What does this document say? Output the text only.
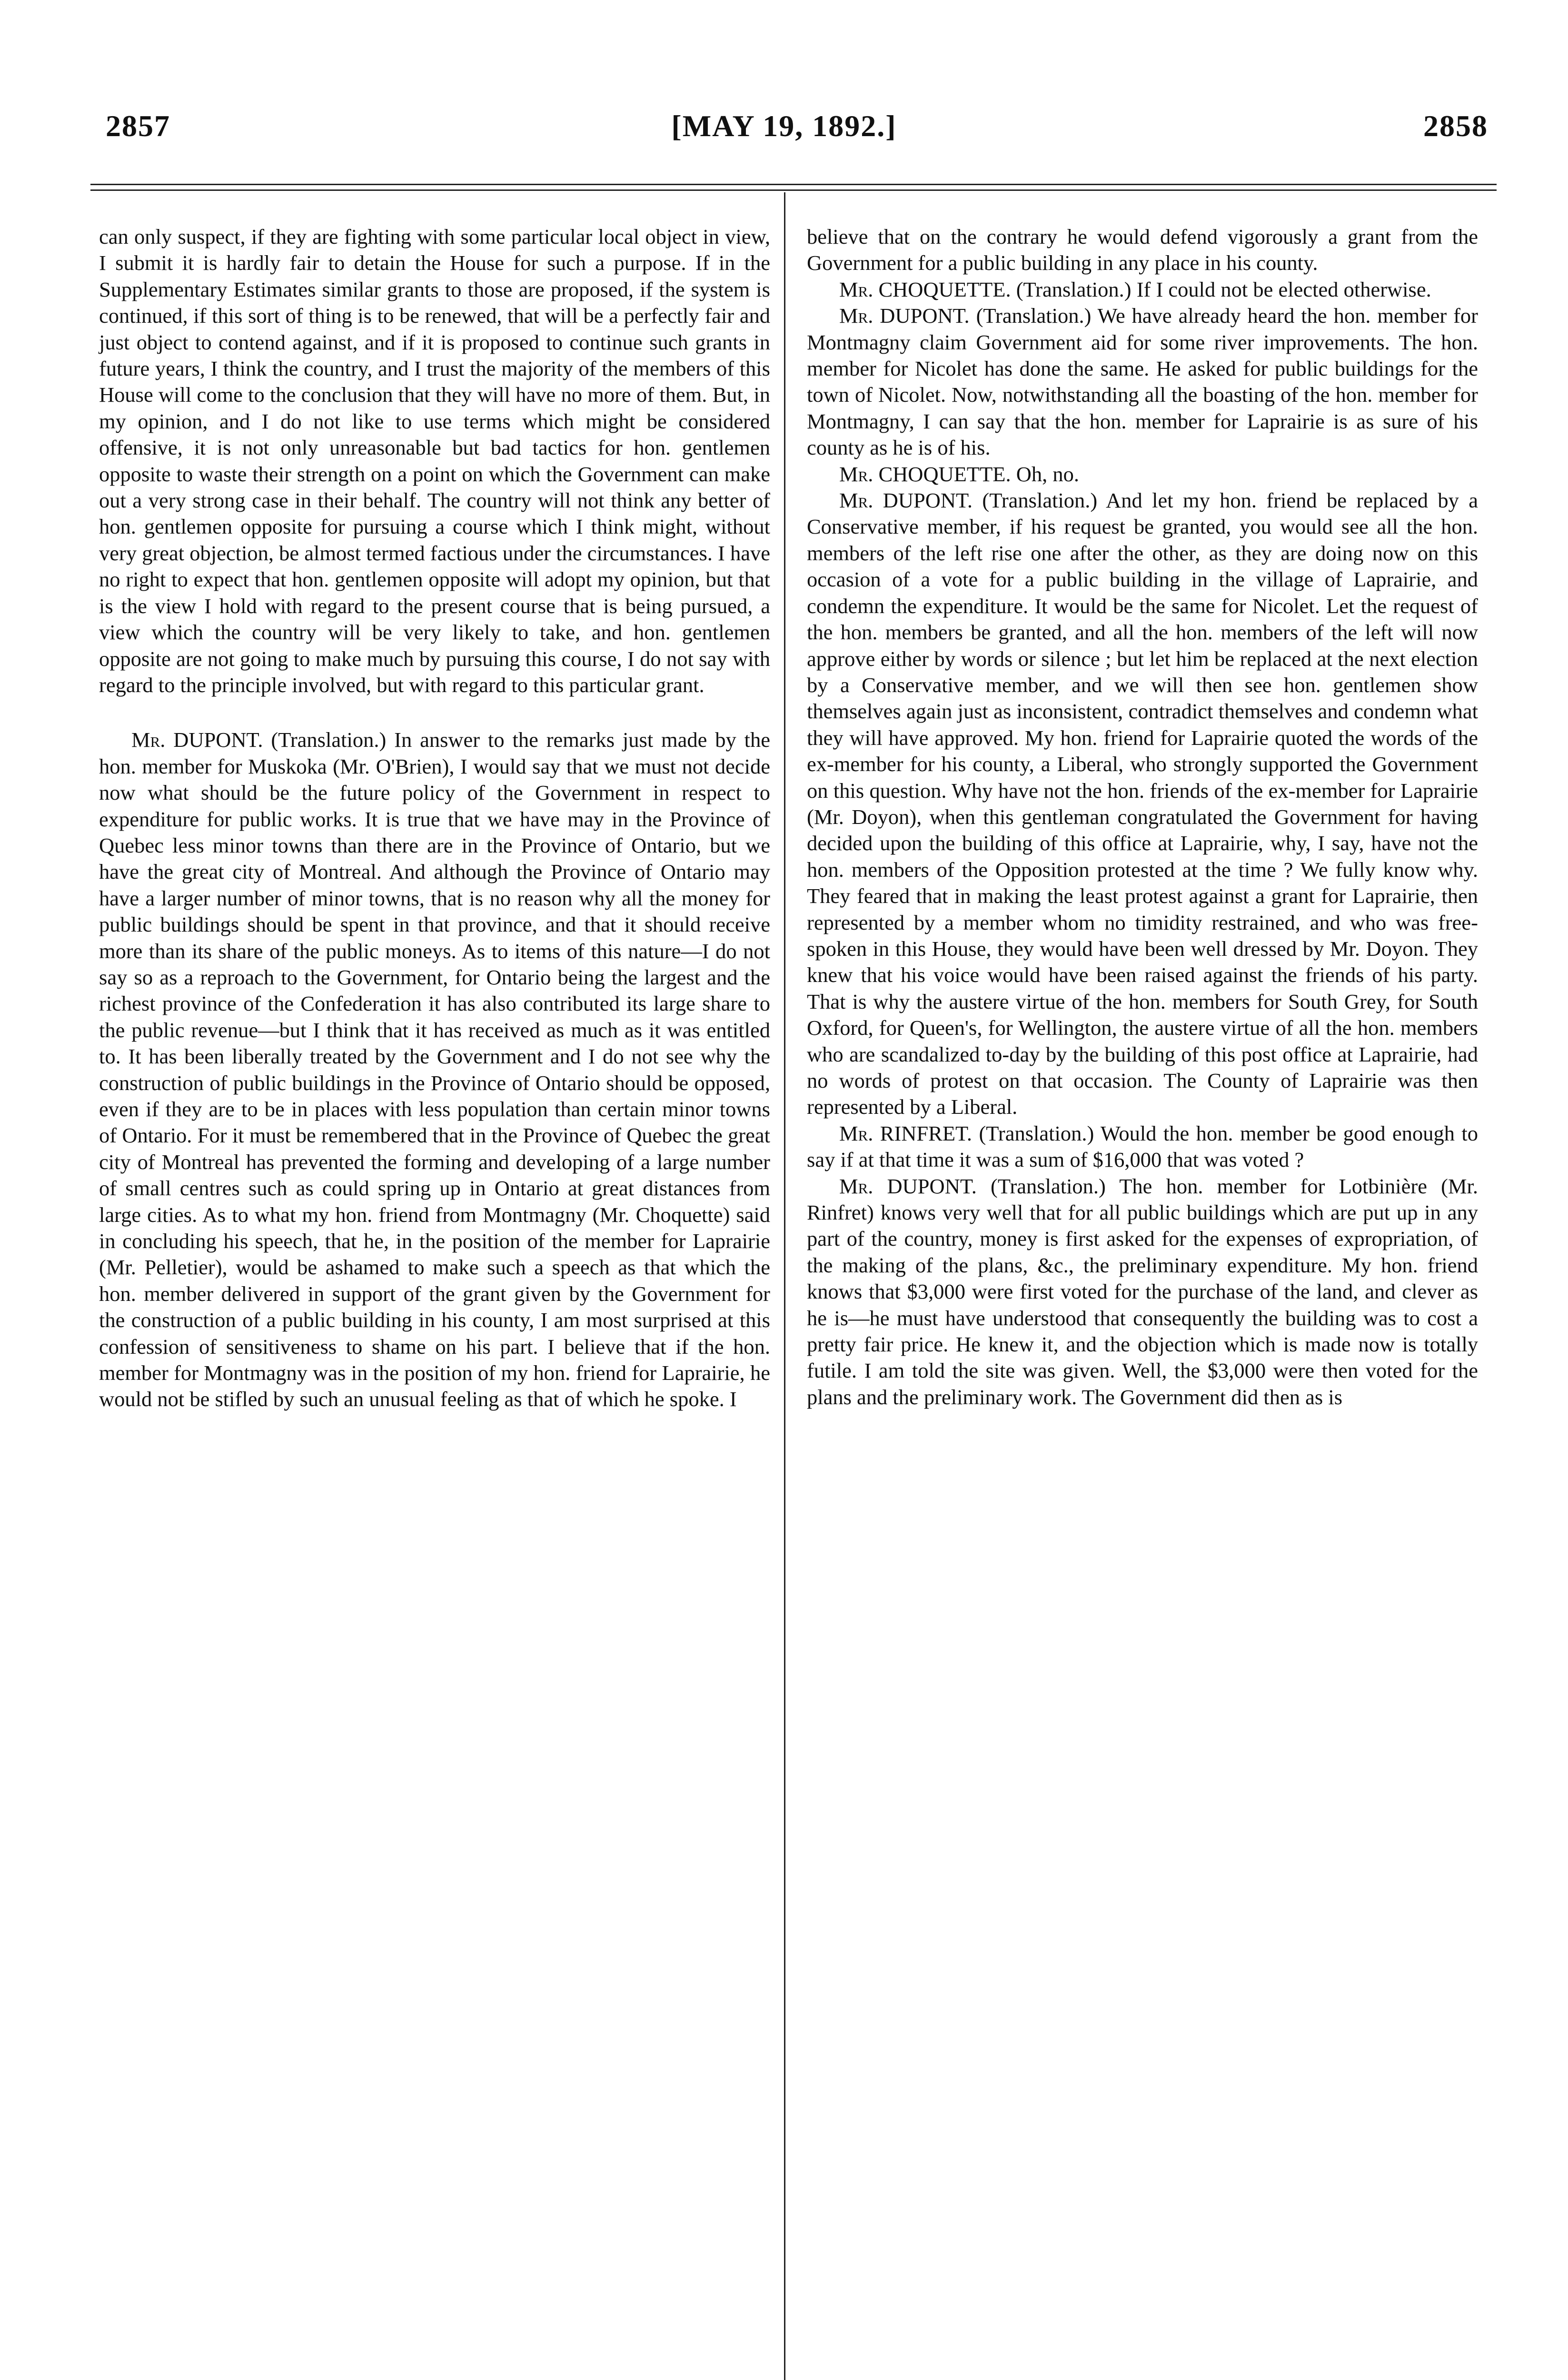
2857	[MAY 19, 1892.]	2858

can only suspect, if they are fighting with some particular local object in view, I submit it is hardly fair to detain the House for such a purpose. If in the Supplementary Estimates similar grants to those are proposed, if the system is continued, if this sort of thing is to be renewed, that will be a perfectly fair and just object to contend against, and if it is proposed to continue such grants in future years, I think the country, and I trust the majority of the members of this House will come to the conclusion that they will have no more of them. But, in my opinion, and I do not like to use terms which might be considered offensive, it is not only unreasonable but bad tactics for hon. gentlemen opposite to waste their strength on a point on which the Government can make out a very strong case in their behalf. The country will not think any better of hon. gentlemen opposite for pursuing a course which I think might, without very great objection, be almost termed factious under the circumstances. I have no right to expect that hon. gentlemen opposite will adopt my opinion, but that is the view I hold with regard to the present course that is being pursued, a view which the country will be very likely to take, and hon. gentlemen opposite are not going to make much by pursuing this course, I do not say with regard to the principle involved, but with regard to this particular grant.

Mr. DUPONT. (Translation.) In answer to the remarks just made by the hon. member for Muskoka (Mr. O'Brien), I would say that we must not decide now what should be the future policy of the Government in respect to expenditure for public works. It is true that we have may in the Province of Quebec less minor towns than there are in the Province of Ontario, but we have the great city of Montreal. And although the Province of Ontario may have a larger number of minor towns, that is no reason why all the money for public buildings should be spent in that province, and that it should receive more than its share of the public moneys. As to items of this nature—I do not say so as a reproach to the Government, for Ontario being the largest and the richest province of the Confederation it has also contributed its large share to the public revenue—but I think that it has received as much as it was entitled to. It has been liberally treated by the Government and I do not see why the construction of public buildings in the Province of Ontario should be opposed, even if they are to be in places with less population than certain minor towns of Ontario. For it must be remembered that in the Province of Quebec the great city of Montreal has prevented the forming and developing of a large number of small centres such as could spring up in Ontario at great distances from large cities. As to what my hon. friend from Montmagny (Mr. Choquette) said in concluding his speech, that he, in the position of the member for Laprairie (Mr. Pelletier), would be ashamed to make such a speech as that which the hon. member delivered in support of the grant given by the Government for the construction of a public building in his county, I am most surprised at this confession of sensitiveness to shame on his part. I believe that if the hon. member for Montmagny was in the position of my hon. friend for Laprairie, he would not be stifled by such an unusual feeling as that of which he spoke. I

believe that on the contrary he would defend vigorously a grant from the Government for a public building in any place in his county.

Mr. CHOQUETTE. (Translation.) If I could not be elected otherwise.

Mr. DUPONT. (Translation.) We have already heard the hon. member for Montmagny claim Government aid for some river improvements. The hon. member for Nicolet has done the same. He asked for public buildings for the town of Nicolet. Now, notwithstanding all the boasting of the hon. member for Montmagny, I can say that the hon. member for Laprairie is as sure of his county as he is of his.

Mr. CHOQUETTE. Oh, no.

Mr. DUPONT. (Translation.) And let my hon. friend be replaced by a Conservative member, if his request be granted, you would see all the hon. members of the left rise one after the other, as they are doing now on this occasion of a vote for a public building in the village of Laprairie, and condemn the expenditure. It would be the same for Nicolet. Let the request of the hon. members be granted, and all the hon. members of the left will now approve either by words or silence ; but let him be replaced at the next election by a Conservative member, and we will then see hon. gentlemen show themselves again just as inconsistent, contradict themselves and condemn what they will have approved. My hon. friend for Laprairie quoted the words of the ex-member for his county, a Liberal, who strongly supported the Government on this question. Why have not the hon. friends of the ex-member for Laprairie (Mr. Doyon), when this gentleman congratulated the Government for having decided upon the building of this office at Laprairie, why, I say, have not the hon. members of the Opposition protested at the time ? We fully know why. They feared that in making the least protest against a grant for Laprairie, then represented by a member whom no timidity restrained, and who was free-spoken in this House, they would have been well dressed by Mr. Doyon. They knew that his voice would have been raised against the friends of his party. That is why the austere virtue of the hon. members for South Grey, for South Oxford, for Queen's, for Wellington, the austere virtue of all the hon. members who are scandalized to-day by the building of this post office at Laprairie, had no words of protest on that occasion. The County of Laprairie was then represented by a Liberal.

Mr. RINFRET. (Translation.) Would the hon. member be good enough to say if at that time it was a sum of $16,000 that was voted ?

Mr. DUPONT. (Translation.) The hon. member for Lotbinière (Mr. Rinfret) knows very well that for all public buildings which are put up in any part of the country, money is first asked for the expenses of expropriation, of the making of the plans, &c., the preliminary expenditure. My hon. friend knows that $3,000 were first voted for the purchase of the land, and clever as he is—he must have understood that consequently the building was to cost a pretty fair price. He knew it, and the objection which is made now is totally futile. I am told the site was given. Well, the $3,000 were then voted for the plans and the preliminary work. The Government did then as is
